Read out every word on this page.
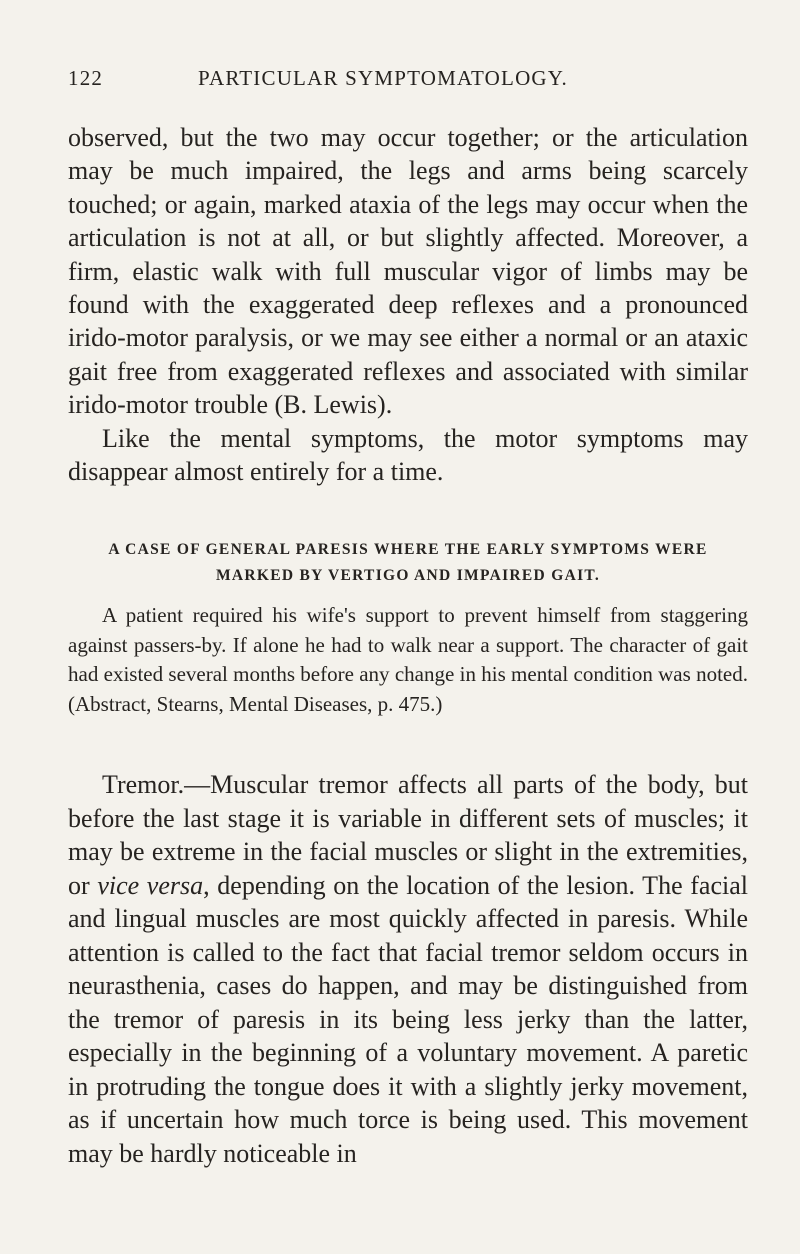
122	PARTICULAR SYMPTOMATOLOGY.

observed, but the two may occur together; or the articulation may be much impaired, the legs and arms being scarcely touched; or again, marked ataxia of the legs may occur when the articulation is not at all, or but slightly affected. Moreover, a firm, elastic walk with full muscular vigor of limbs may be found with the exaggerated deep reflexes and a pronounced irido-motor paralysis, or we may see either a normal or an ataxic gait free from exaggerated reflexes and associated with similar irido-motor trouble (B. Lewis).

Like the mental symptoms, the motor symptoms may disappear almost entirely for a time.

A CASE OF GENERAL PARESIS WHERE THE EARLY SYMPTOMS WERE MARKED BY VERTIGO AND IMPAIRED GAIT.

A patient required his wife's support to prevent himself from staggering against passers-by. If alone he had to walk near a support. The character of gait had existed several months before any change in his mental condition was noted. (Abstract, Stearns, Mental Diseases, p. 475.)

Tremor.—Muscular tremor affects all parts of the body, but before the last stage it is variable in different sets of muscles; it may be extreme in the facial muscles or slight in the extremities, or vice versa, depending on the location of the lesion. The facial and lingual muscles are most quickly affected in paresis. While attention is called to the fact that facial tremor seldom occurs in neurasthenia, cases do happen, and may be distinguished from the tremor of paresis in its being less jerky than the latter, especially in the beginning of a voluntary movement. A paretic in protruding the tongue does it with a slightly jerky movement, as if uncertain how much torce is being used. This movement may be hardly noticeable in
